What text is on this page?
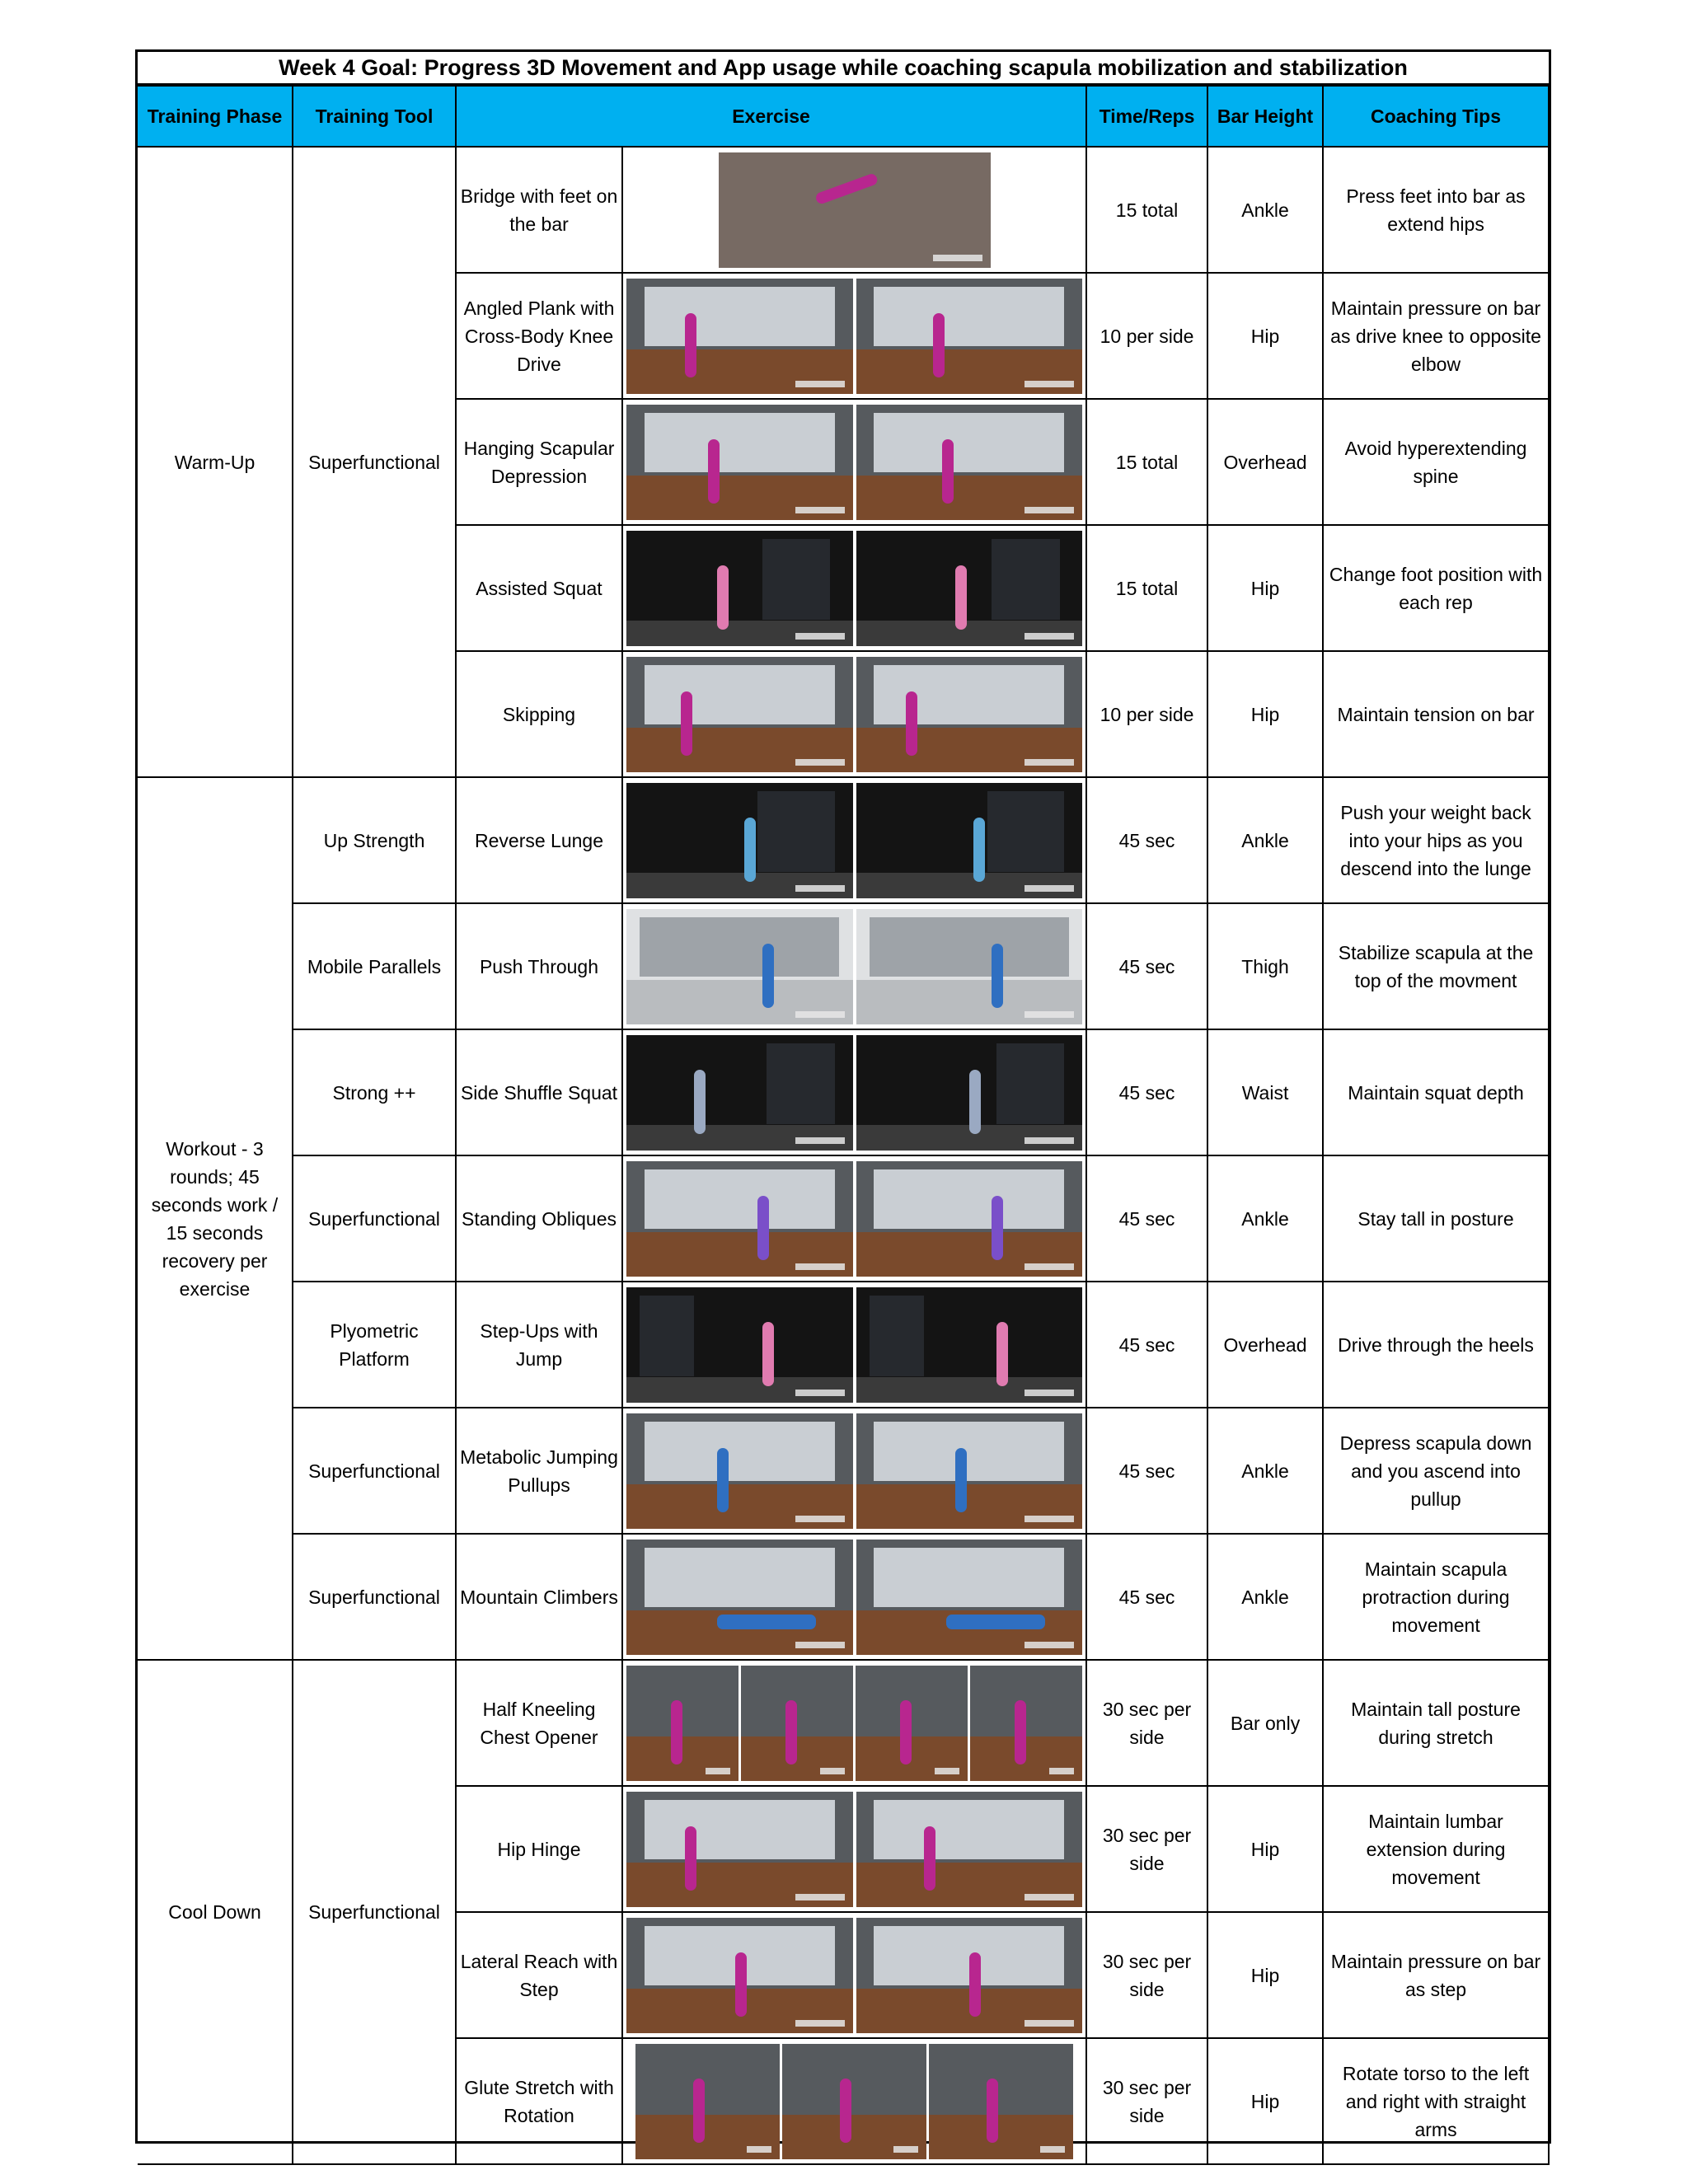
Week 4 Goal: Progress 3D Movement and App usage while coaching scapula mobilization and stabilization
Training Phase	Training Tool	Exercise		Time/Reps	Bar Height	Coaching Tips
Warm-Up	Superfunctional	Bridge with feet on the bar		15 total	Ankle	Press feet into bar as extend hips
		Angled Plank with Cross-Body Knee Drive		10 per side	Hip	Maintain pressure on bar as drive knee to opposite elbow
		Hanging Scapular Depression		15 total	Overhead	Avoid hyperextending spine
		Assisted Squat		15 total	Hip	Change foot position with each rep
		Skipping		10 per side	Hip	Maintain tension on bar
Workout - 3 rounds; 45 seconds work / 15 seconds recovery per exercise	Up Strength	Reverse Lunge		45 sec	Ankle	Push your weight back into your hips as you descend into the lunge
	Mobile Parallels	Push Through		45 sec	Thigh	Stabilize scapula at the top of the movment
	Strong ++	Side Shuffle Squat		45 sec	Waist	Maintain squat depth
	Superfunctional	Standing Obliques		45 sec	Ankle	Stay tall in posture
	Plyometric Platform	Step-Ups with Jump		45 sec	Overhead	Drive through the heels
	Superfunctional	Metabolic Jumping Pullups		45 sec	Ankle	Depress scapula down and you ascend into pullup
	Superfunctional	Mountain Climbers		45 sec	Ankle	Maintain scapula protraction during movement
Cool Down	Superfunctional	Half Kneeling Chest Opener		30 sec per side	Bar only	Maintain tall posture during stretch
		Hip Hinge		30 sec per side	Hip	Maintain lumbar extension during movement
		Lateral Reach with Step		30 sec per side	Hip	Maintain pressure on bar as step
		Glute Stretch with Rotation		30 sec per side	Hip	Rotate torso to the left and right with straight arms
